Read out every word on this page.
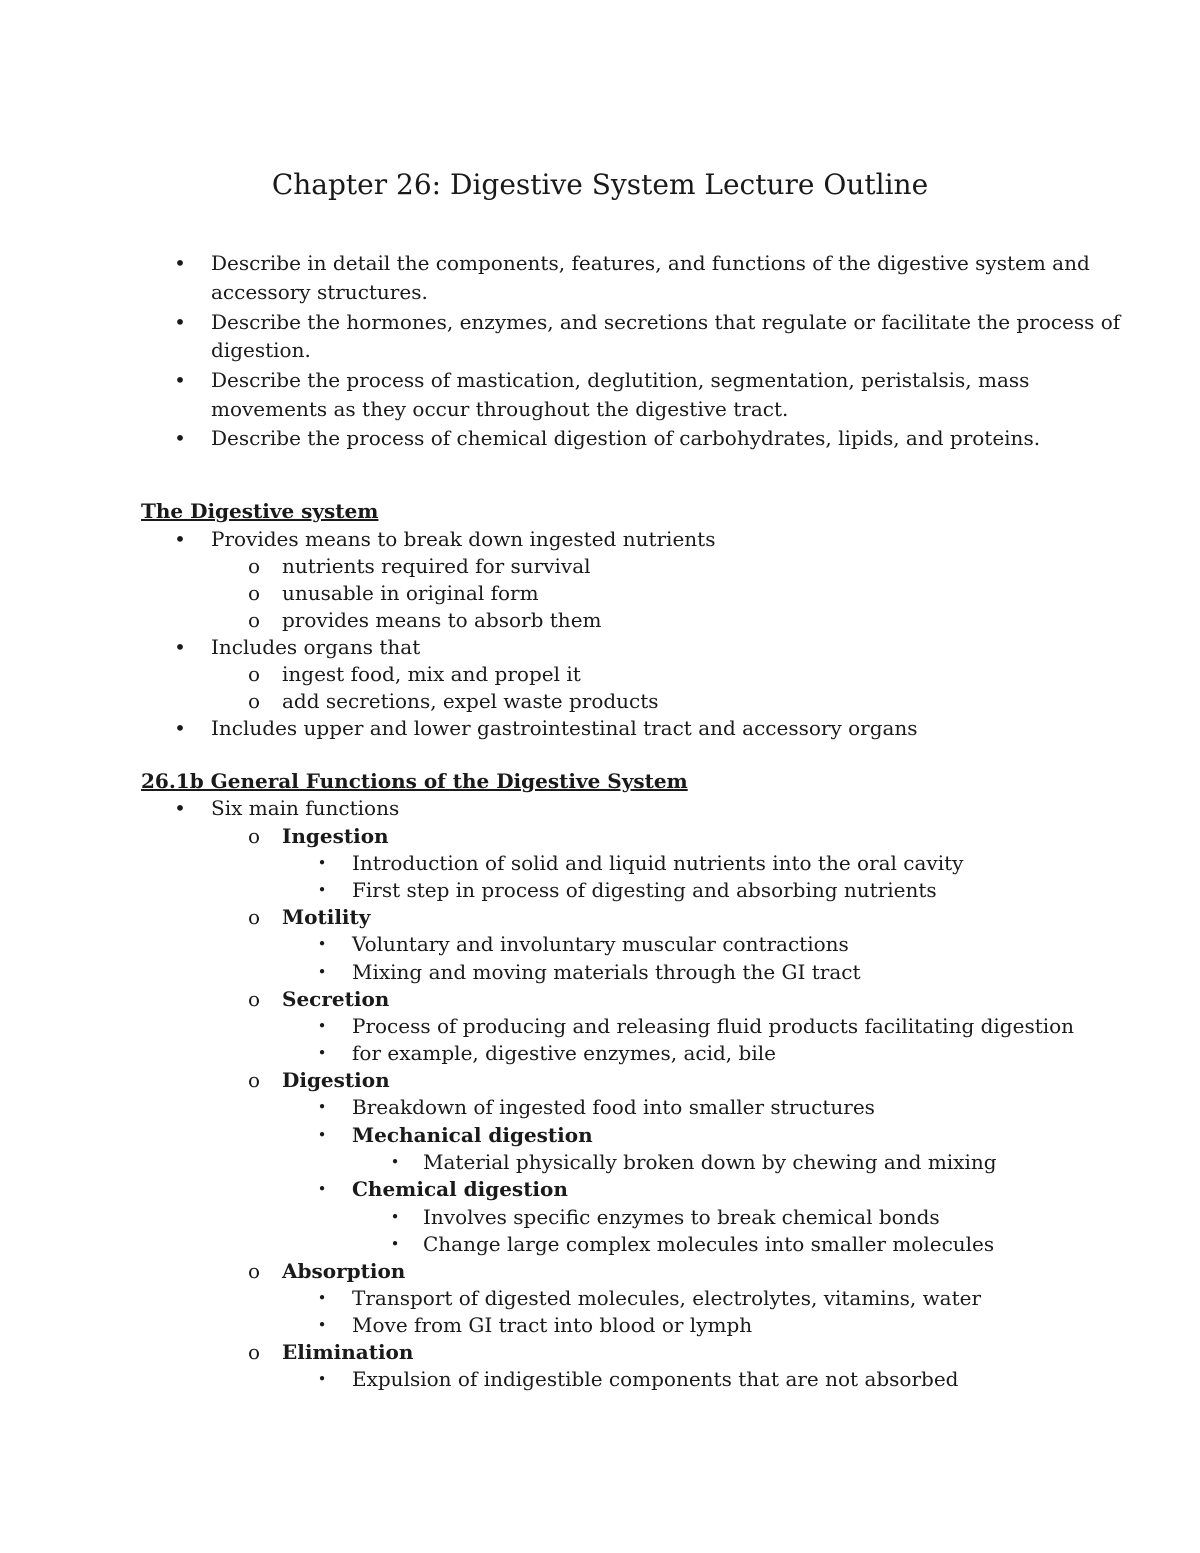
Chapter 26: Digestive System Lecture Outline
•	Describe in detail the components, features, and functions of the digestive system and
accessory structures.
•	Describe the hormones, enzymes, and secretions that regulate or facilitate the process of
digestion.
•	Describe the process of mastication, deglutition, segmentation, peristalsis, mass
movements as they occur throughout the digestive tract.
•	Describe the process of chemical digestion of carbohydrates, lipids, and proteins.
The Digestive system
•	Provides means to break down ingested nutrients
o nutrients required for survival
o unusable in original form
o provides means to absorb them
•	Includes organs that
o ingest food, mix and propel it
o add secretions, expel waste products
•	Includes upper and lower gastrointestinal tract and accessory organs
26.1b General Functions of the Digestive System
•	Six main functions
o Ingestion
•	Introduction of solid and liquid nutrients into the oral cavity
•	First step in process of digesting and absorbing nutrients
o Motility
•	Voluntary and involuntary muscular contractions
•	Mixing and moving materials through the GI tract
o Secretion
•	Process of producing and releasing fluid products facilitating digestion
•	for example, digestive enzymes, acid, bile
o Digestion
•	Breakdown of ingested food into smaller structures
•	Mechanical digestion
•	Material physically broken down by chewing and mixing
•	Chemical digestion
•	Involves specific enzymes to break chemical bonds
•	Change large complex molecules into smaller molecules
o Absorption
•	Transport of digested molecules, electrolytes, vitamins, water
•	Move from GI tract into blood or lymph
o Elimination
•	Expulsion of indigestible components that are not absorbed
